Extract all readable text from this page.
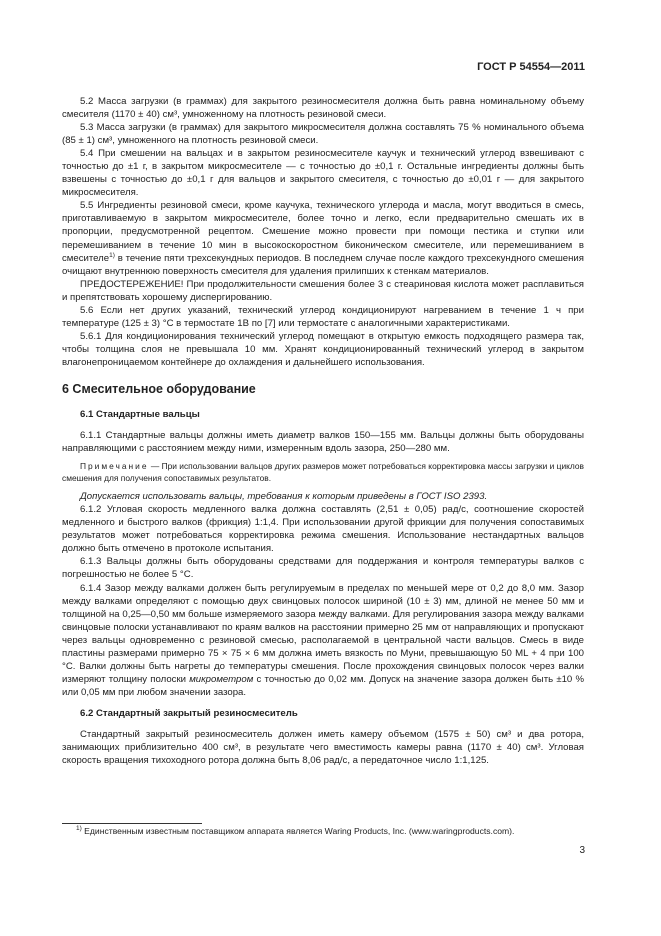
ГОСТ Р 54554—2011

5.2 Масса загрузки (в граммах) для закрытого резиносмесителя должна быть равна номинальному объему смесителя (1170 ± 40) см³, умноженному на плотность резиновой смеси.

5.3 Масса загрузки (в граммах) для закрытого микросмесителя должна составлять 75 % номинального объема (85 ± 1) см³, умноженного на плотность резиновой смеси.

5.4 При смешении на вальцах и в закрытом резиносмесителе каучук и технический углерод взвешивают с точностью до ±1 г, в закрытом микросмесителе — с точностью до ±0,1 г. Остальные ингредиенты должны быть взвешены с точностью до ±0,1 г для вальцов и закрытого смесителя, с точностью до ±0,01 г — для закрытого микросмесителя.

5.5 Ингредиенты резиновой смеси, кроме каучука, технического углерода и масла, могут вводиться в смесь, приготавливаемую в закрытом микросмесителе, более точно и легко, если предварительно смешать их в пропорции, предусмотренной рецептом. Смешение можно провести при помощи пестика и ступки или перемешиванием в течение 10 мин в высокоскоростном биконическом смесителе, или перемешиванием в смесителе$^{1)}$ в течение пяти трехсекундных периодов. В последнем случае после каждого трехсекундного смешения очищают внутреннюю поверхность смесителя для удаления прилипших к стенкам материалов.

ПРЕДОСТЕРЕЖЕНИЕ! При продолжительности смешения более 3 с стеариновая кислота может расплавиться и препятствовать хорошему диспергированию.

5.6 Если нет других указаний, технический углерод кондиционируют нагреванием в течение 1 ч при температуре (125 ± 3) °С в термостате 1В по [7] или термостате с аналогичными характеристиками.

5.6.1 Для кондиционирования технический углерод помещают в открытую емкость подходящего размера так, чтобы толщина слоя не превышала 10 мм. Хранят кондиционированный технический углерод в закрытом влагонепроницаемом контейнере до охлаждения и дальнейшего использования.

6 Смесительное оборудование
6.1 Стандартные вальцы

6.1.1 Стандартные вальцы должны иметь диаметр валков 150—155 мм. Вальцы должны быть оборудованы направляющими с расстоянием между ними, измеренным вдоль зазора, 250—280 мм.

Примечание — При использовании вальцов других размеров может потребоваться корректировка массы загрузки и циклов смешения для получения сопоставимых результатов.

Допускается использовать вальцы, требования к которым приведены в ГОСТ ISO 2393.

6.1.2 Угловая скорость медленного валка должна составлять (2,51 ± 0,05) рад/с, соотношение скоростей медленного и быстрого валков (фрикция) 1:1,4. При использовании другой фрикции для получения сопоставимых результатов может потребоваться корректировка режима смешения. Использование нестандартных вальцов должно быть отмечено в протоколе испытания.

6.1.3 Вальцы должны быть оборудованы средствами для поддержания и контроля температуры валков с погрешностью не более 5 °С.

6.1.4 Зазор между валками должен быть регулируемым в пределах по меньшей мере от 0,2 до 8,0 мм. Зазор между валками определяют с помощью двух свинцовых полосок шириной (10 ± 3) мм, длиной не менее 50 мм и толщиной на 0,25—0,50 мм больше измеряемого зазора между валками. Для регулирования зазора между валками свинцовые полоски устанавливают по краям валков на расстоянии примерно 25 мм от направляющих и пропускают через вальцы одновременно с резиновой смесью, располагаемой в центральной части вальцов. Смесь в виде пластины размерами примерно 75 × 75 × 6 мм должна иметь вязкость по Муни, превышающую 50 ML + 4 при 100 °С. Валки должны быть нагреты до температуры смешения. После прохождения свинцовых полосок через валки измеряют толщину полоски микрометром с точностью до 0,02 мм. Допуск на значение зазора должен быть ±10 % или 0,05 мм при любом значении зазора.

6.2 Стандартный закрытый резиносмеситель

Стандартный закрытый резиносмеситель должен иметь камеру объемом (1575 ± 50) см³ и два ротора, занимающих приблизительно 400 см³, в результате чего вместимость камеры равна (1170 ± 40) см³. Угловая скорость вращения тихоходного ротора должна быть 8,06 рад/с, а передаточное число 1:1,125.

$^{1)}$ Единственным известным поставщиком аппарата является Waring Products, Inc. (www.waringproducts.com).
3
